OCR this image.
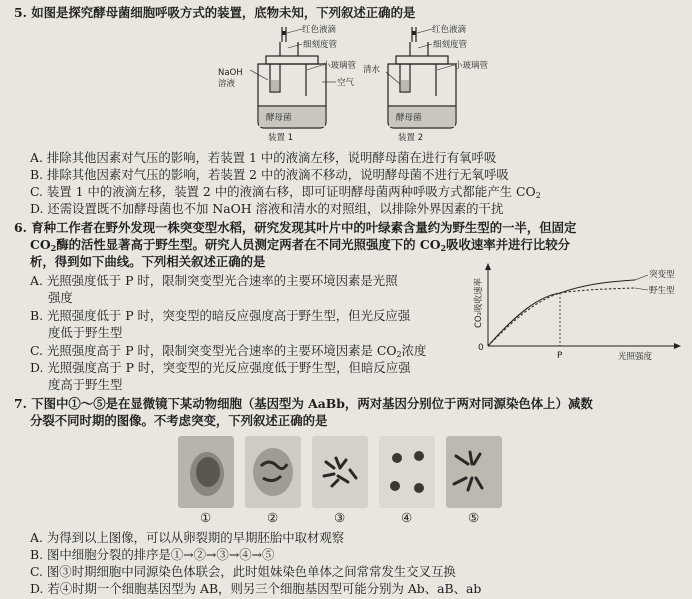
5. 如图是探究酵母菌细胞呼吸方式的装置，底物未知，下列叙述正确的是
红色液滴
细刻度管
小玻璃管
NaOH
溶液	空气
酵母菌
装置 1
红色液滴
细刻度管
小玻璃管
清水
酵母菌
装置 2
A. 排除其他因素对气压的影响，若装置 1 中的液滴左移，说明酵母菌在进行有氧呼吸
B. 排除其他因素对气压的影响，若装置 2 中的液滴不移动，说明酵母菌不进行无氧呼吸
C. 装置 1 中的液滴左移，装置 2 中的液滴右移，即可证明酵母菌两种呼吸方式都能产生 $CO_2$
D. 还需设置既不加酵母菌也不加 NaOH 溶液和清水的对照组，以排除外界因素的干扰
6. 育种工作者在野外发现一株突变型水稻，研究发现其叶片中的叶绿素含量约为野生型的一半，但固定
$CO_2$酶的活性显著高于野生型。研究人员测定两者在不同光照强度下的 $CO_2$吸收速率并进行比较分
析，得到如下曲线。下列相关叙述正确的是
A. 光照强度低于 P 时，限制突变型光合速率的主要环境因素是光照
强度
B. 光照强度低于 P 时，突变型的暗反应强度高于野生型，但光反应强
度低于野生型
C. 光照强度高于 P 时，限制突变型光合速率的主要环境因素是 $CO_2$浓度
D. 光照强度高于 P 时，突变型的光反应强度低于野生型，但暗反应强
度高于野生型
突变型
野生型
0
P	光照强度
CO₂吸收速率
7. 下图中①～⑤是在显微镜下某动物细胞（基因型为 AaBb，两对基因分别位于两对同源染色体上）减数
分裂不同时期的图像。不考虑突变，下列叙述正确的是
①	②	③	④	⑤
A. 为得到以上图像，可以从卵裂期的早期胚胎中取材观察
B. 图中细胞分裂的排序是①→②→③→④→⑤
C. 图③时期细胞中同源染色体联会，此时姐妹染色单体之间常常发生交叉互换
D. 若④时期一个细胞基因型为 AB，则另三个细胞基因型可能分别为 Ab、aB、ab
